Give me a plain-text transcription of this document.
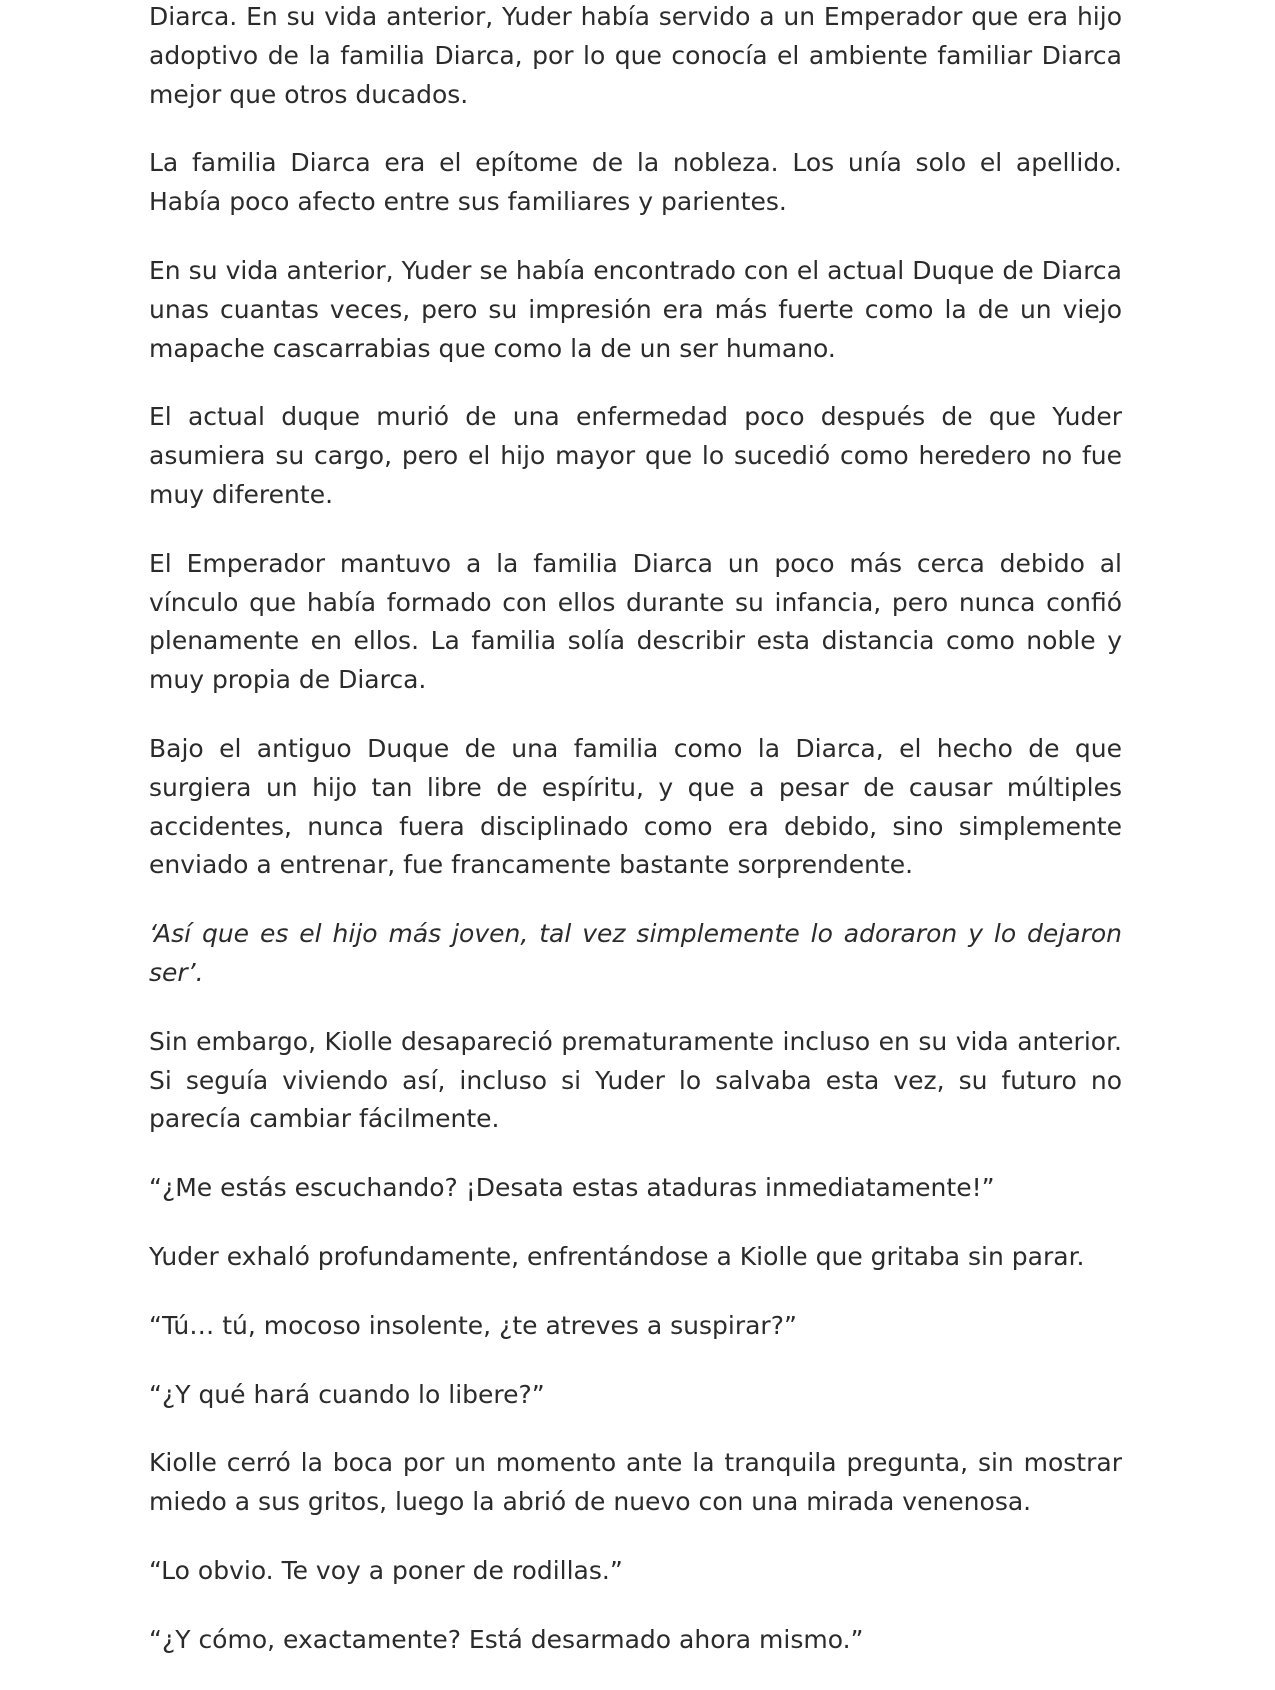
Diarca. En su vida anterior, Yuder había servido a un Emperador que era hijo adoptivo de la familia Diarca, por lo que conocía el ambiente familiar Diarca mejor que otros ducados.

La familia Diarca era el epítome de la nobleza. Los unía solo el apellido. Había poco afecto entre sus familiares y parientes.

En su vida anterior, Yuder se había encontrado con el actual Duque de Diarca unas cuantas veces, pero su impresión era más fuerte como la de un viejo mapache cascarrabias que como la de un ser humano.

El actual duque murió de una enfermedad poco después de que Yuder asumiera su cargo, pero el hijo mayor que lo sucedió como heredero no fue muy diferente.

El Emperador mantuvo a la familia Diarca un poco más cerca debido al vínculo que había formado con ellos durante su infancia, pero nunca confió plenamente en ellos. La familia solía describir esta distancia como noble y muy propia de Diarca.

Bajo el antiguo Duque de una familia como la Diarca, el hecho de que surgiera un hijo tan libre de espíritu, y que a pesar de causar múltiples accidentes, nunca fuera disciplinado como era debido, sino simplemente enviado a entrenar, fue francamente bastante sorprendente.

‘Así que es el hijo más joven, tal vez simplemente lo adoraron y lo dejaron ser’.

Sin embargo, Kiolle desapareció prematuramente incluso en su vida anterior. Si seguía viviendo así, incluso si Yuder lo salvaba esta vez, su futuro no parecía cambiar fácilmente.

“¿Me estás escuchando? ¡Desata estas ataduras inmediatamente!”

Yuder exhaló profundamente, enfrentándose a Kiolle que gritaba sin parar.

“Tú… tú, mocoso insolente, ¿te atreves a suspirar?”

“¿Y qué hará cuando lo libere?”

Kiolle cerró la boca por un momento ante la tranquila pregunta, sin mostrar miedo a sus gritos, luego la abrió de nuevo con una mirada venenosa.

“Lo obvio. Te voy a poner de rodillas.”

“¿Y cómo, exactamente? Está desarmado ahora mismo.”
